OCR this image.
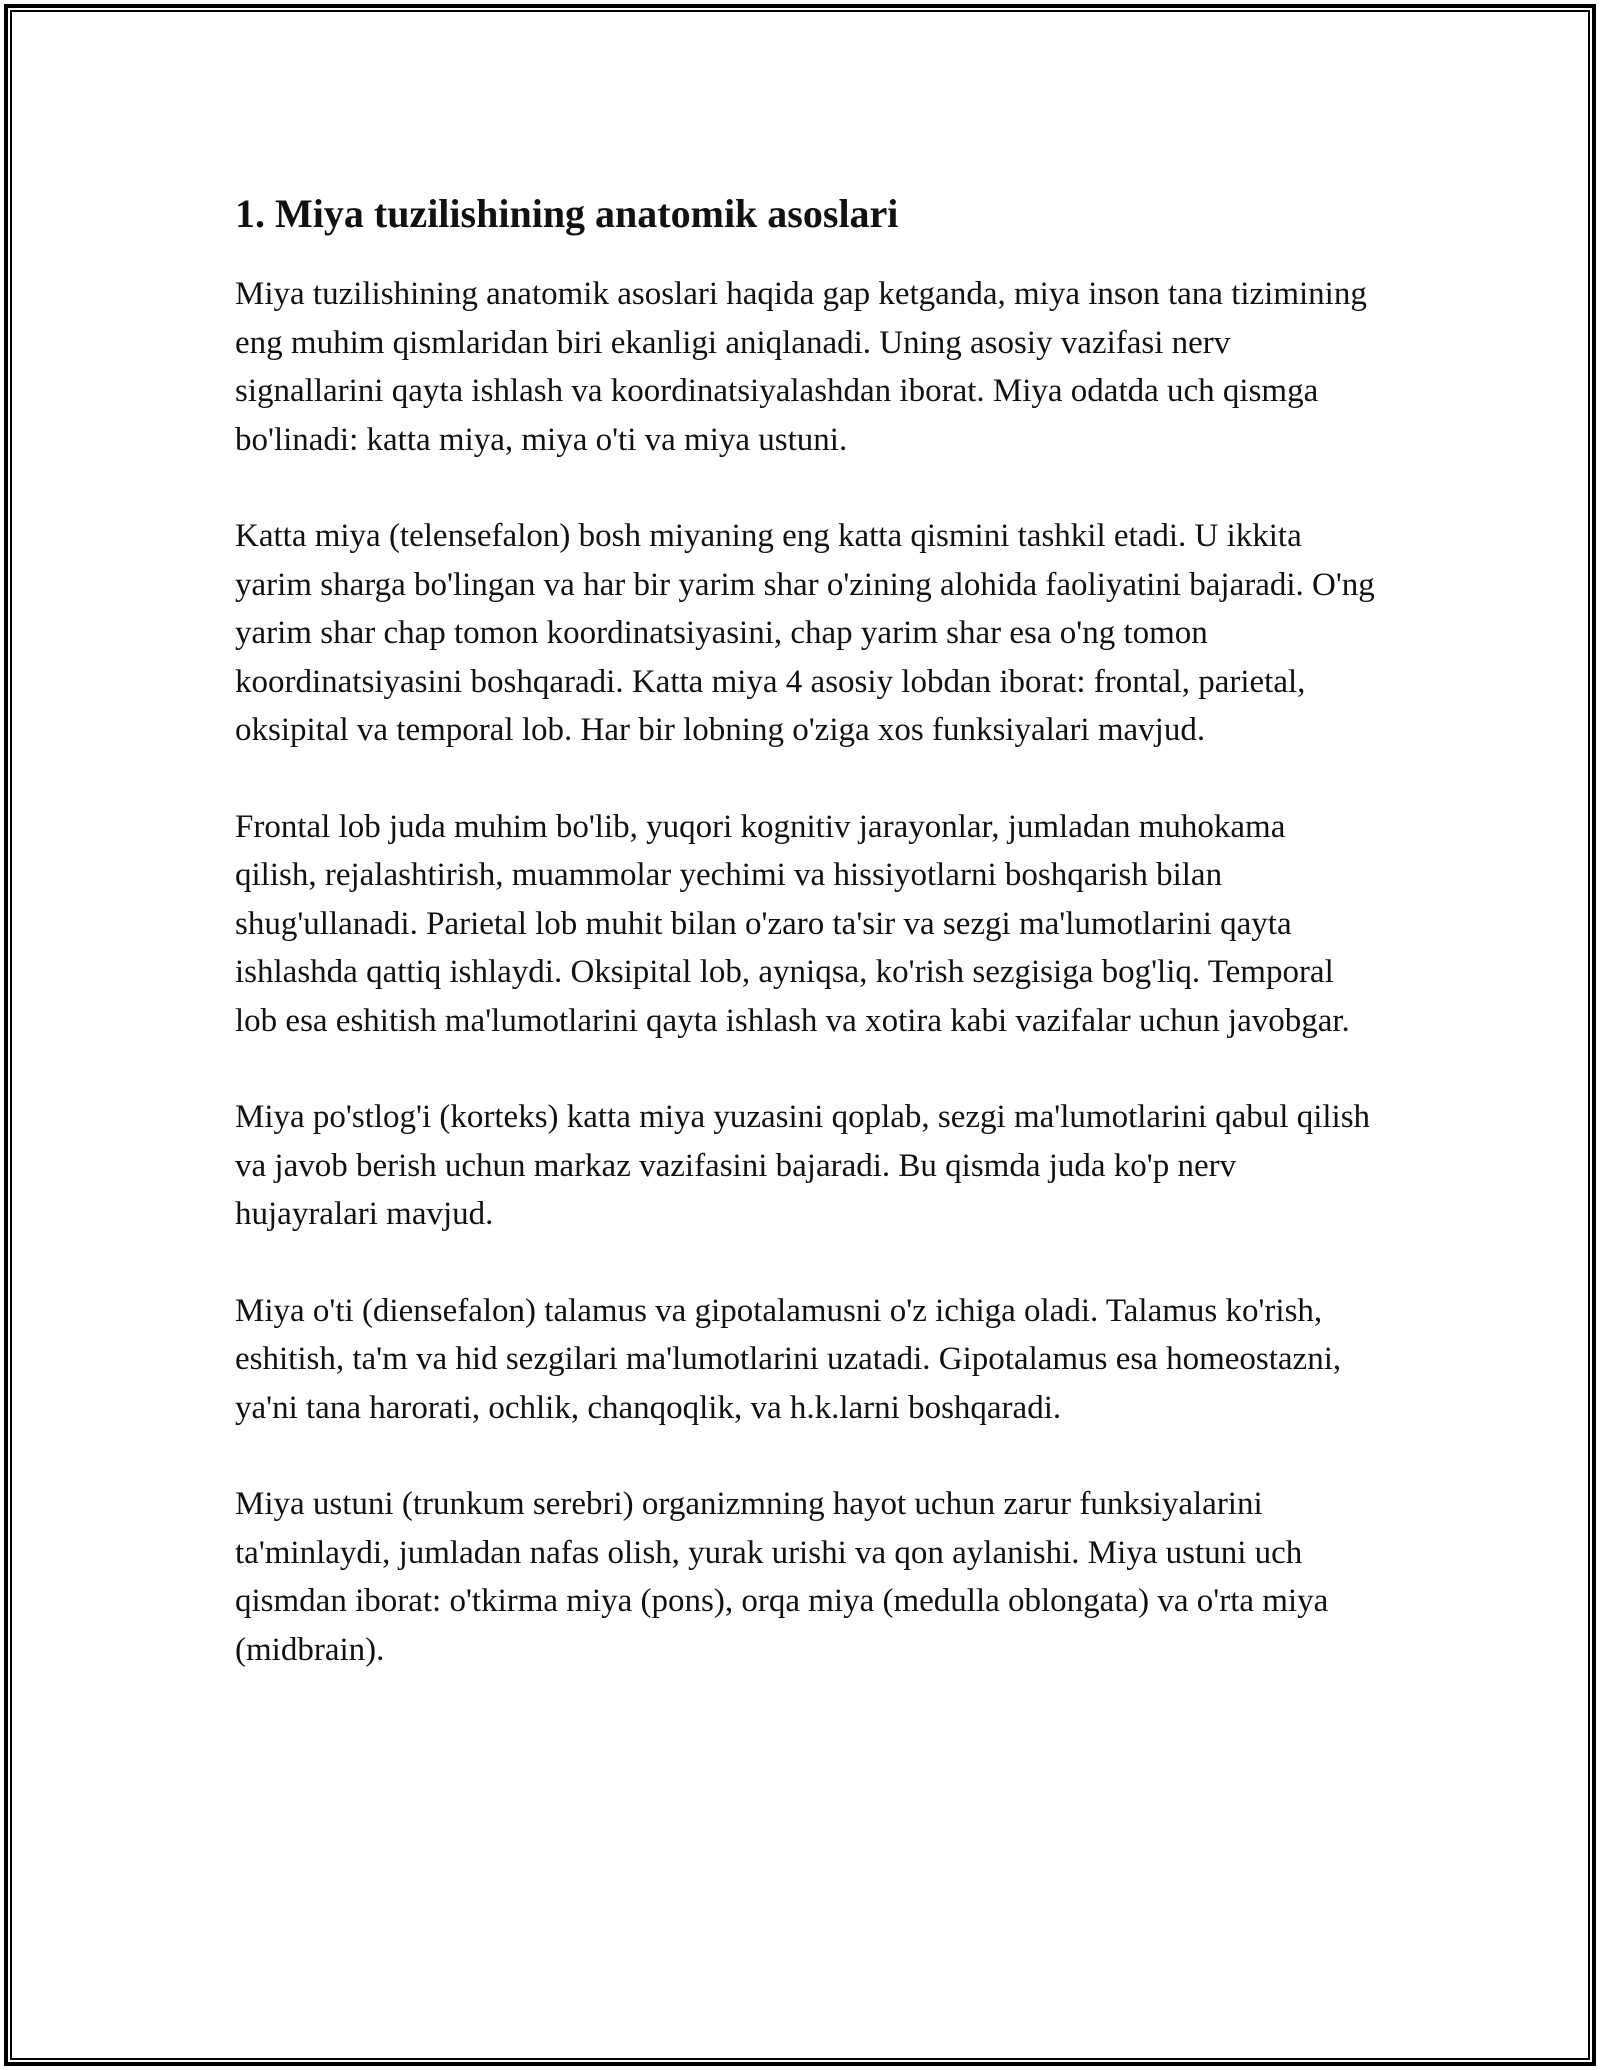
1. Miya tuzilishining anatomik asoslari

Miya tuzilishining anatomik asoslari haqida gap ketganda, miya inson tana tizimining eng muhim qismlaridan biri ekanligi aniqlanadi. Uning asosiy vazifasi nerv signallarini qayta ishlash va koordinatsiyalashdan iborat. Miya odatda uch qismga bo'linadi: katta miya, miya o'ti va miya ustuni.

Katta miya (telensefalon) bosh miyaning eng katta qismini tashkil etadi. U ikkita yarim sharga bo'lingan va har bir yarim shar o'zining alohida faoliyatini bajaradi. O'ng yarim shar chap tomon koordinatsiyasini, chap yarim shar esa o'ng tomon koordinatsiyasini boshqaradi. Katta miya 4 asosiy lobdan iborat: frontal, parietal, oksipital va temporal lob. Har bir lobning o'ziga xos funksiyalari mavjud.

Frontal lob juda muhim bo'lib, yuqori kognitiv jarayonlar, jumladan muhokama qilish, rejalashtirish, muammolar yechimi va hissiyotlarni boshqarish bilan shug'ullanadi. Parietal lob muhit bilan o'zaro ta'sir va sezgi ma'lumotlarini qayta ishlashda qattiq ishlaydi. Oksipital lob, ayniqsa, ko'rish sezgisiga bog'liq. Temporal lob esa eshitish ma'lumotlarini qayta ishlash va xotira kabi vazifalar uchun javobgar.

Miya po'stlog'i (korteks) katta miya yuzasini qoplab, sezgi ma'lumotlarini qabul qilish va javob berish uchun markaz vazifasini bajaradi. Bu qismda juda ko'p nerv hujayralari mavjud.

Miya o'ti (diensefalon) talamus va gipotalamusni o'z ichiga oladi. Talamus ko'rish, eshitish, ta'm va hid sezgilari ma'lumotlarini uzatadi. Gipotalamus esa homeostazni, ya'ni tana harorati, ochlik, chanqoqlik, va h.k.larni boshqaradi.

Miya ustuni (trunkum serebri) organizmning hayot uchun zarur funksiyalarini ta'minlaydi, jumladan nafas olish, yurak urishi va qon aylanishi. Miya ustuni uch qismdan iborat: o'tkirma miya (pons), orqa miya (medulla oblongata) va o'rta miya (midbrain).
